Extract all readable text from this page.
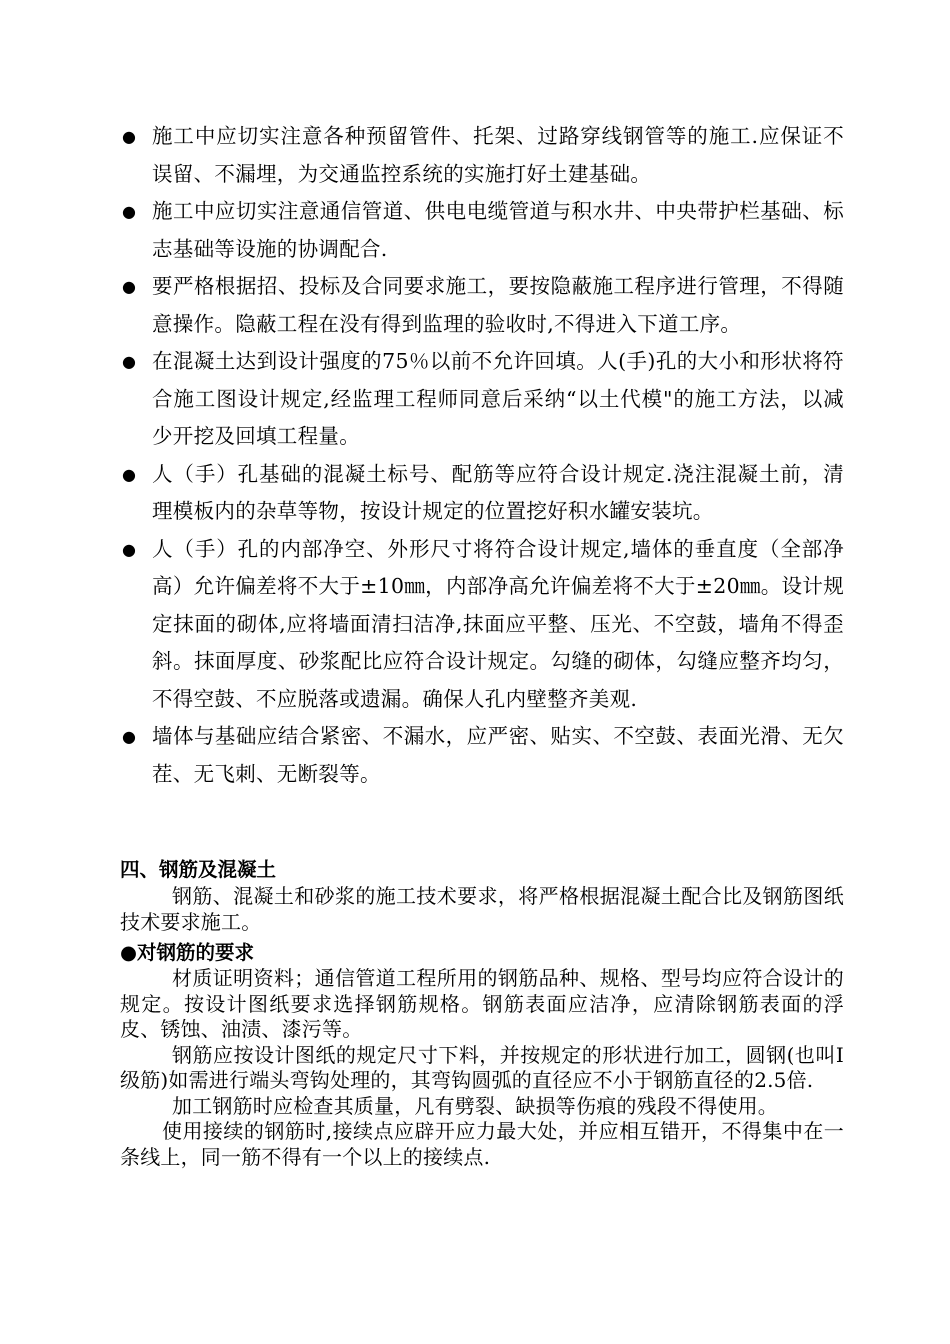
● 施工中应切实注意各种预留管件、托架、过路穿线钢管等的施工.应保证不误留、不漏埋，为交通监控系统的实施打好土建基础。
● 施工中应切实注意通信管道、供电电缆管道与积水井、中央带护栏基础、标志基础等设施的协调配合.
● 要严格根据招、投标及合同要求施工，要按隐蔽施工程序进行管理，不得随意操作。隐蔽工程在没有得到监理的验收时,不得进入下道工序。
● 在混凝土达到设计强度的75％以前不允许回填。人(手)孔的大小和形状将符合施工图设计规定,经监理工程师同意后采纳“以土代模"的施工方法，以减少开挖及回填工程量。
● 人（手）孔基础的混凝土标号、配筋等应符合设计规定.浇注混凝土前，清理模板内的杂草等物，按设计规定的位置挖好积水罐安装坑。
● 人（手）孔的内部净空、外形尺寸将符合设计规定,墙体的垂直度（全部净高）允许偏差将不大于±10㎜，内部净高允许偏差将不大于±20㎜。设计规定抹面的砌体,应将墙面清扫洁净,抹面应平整、压光、不空鼓，墙角不得歪斜。抹面厚度、砂浆配比应符合设计规定。勾缝的砌体，勾缝应整齐均匀，不得空鼓、不应脱落或遗漏。确保人孔内壁整齐美观.
● 墙体与基础应结合紧密、不漏水，应严密、贴实、不空鼓、表面光滑、无欠茬、无飞刺、无断裂等。

四、钢筋及混凝土

钢筋、混凝土和砂浆的施工技术要求，将严格根据混凝土配合比及钢筋图纸技术要求施工。

●对钢筋的要求

材质证明资料；通信管道工程所用的钢筋品种、规格、型号均应符合设计的规定。按设计图纸要求选择钢筋规格。钢筋表面应洁净，应清除钢筋表面的浮皮、锈蚀、油渍、漆污等。

钢筋应按设计图纸的规定尺寸下料，并按规定的形状进行加工，圆钢(也叫Ⅰ级筋)如需进行端头弯钩处理的，其弯钩圆弧的直径应不小于钢筋直径的2.5倍.

加工钢筋时应检查其质量，凡有劈裂、缺损等伤痕的残段不得使用。

使用接续的钢筋时,接续点应辟开应力最大处，并应相互错开，不得集中在一条线上，同一筋不得有一个以上的接续点.
